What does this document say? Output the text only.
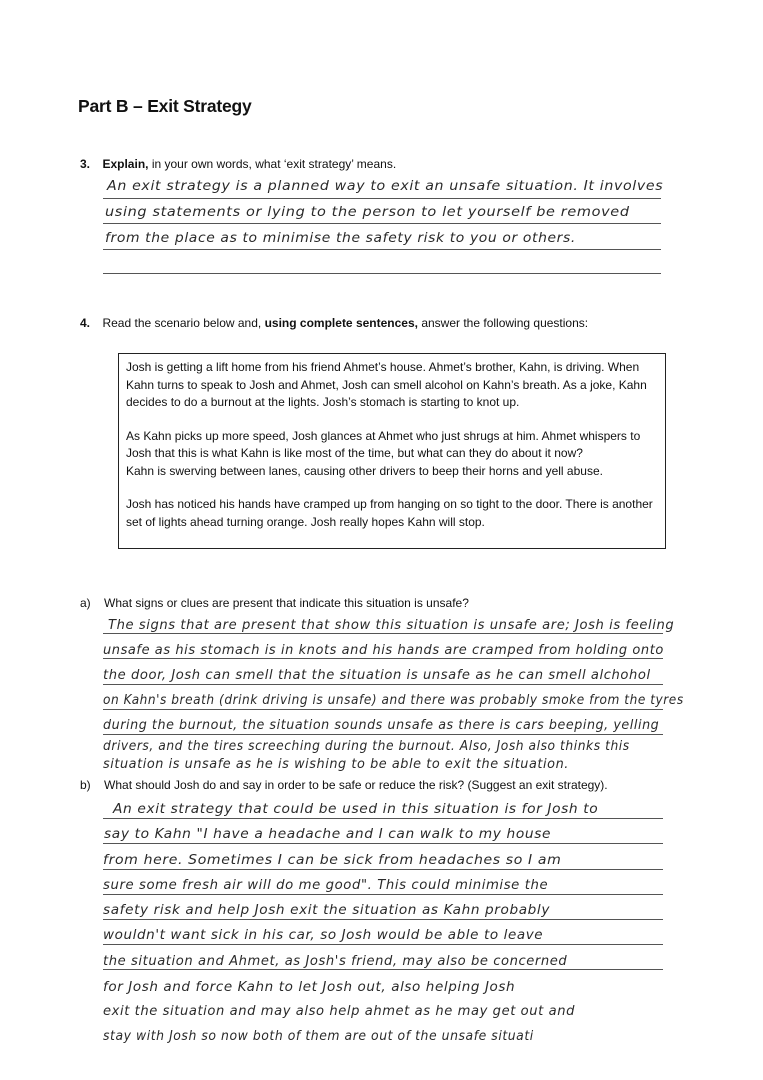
Part B – Exit Strategy
3. Explain, in your own words, what ‘exit strategy’ means.
An exit strategy is a planned way to exit an unsafe situation. It involves
using statements or lying to the person to let yourself be removed
from the place as to minimise the safety risk to you or others.
4. Read the scenario below and, using complete sentences, answer the following questions:

Josh is getting a lift home from his friend Ahmet’s house. Ahmet’s brother, Kahn, is driving. When Kahn turns to speak to Josh and Ahmet, Josh can smell alcohol on Kahn’s breath. As a joke, Kahn decides to do a burnout at the lights. Josh’s stomach is starting to knot up.

As Kahn picks up more speed, Josh glances at Ahmet who just shrugs at him. Ahmet whispers to Josh that this is what Kahn is like most of the time, but what can they do about it now?

Kahn is swerving between lanes, causing other drivers to beep their horns and yell abuse.

Josh has noticed his hands have cramped up from hanging on so tight to the door. There is another set of lights ahead turning orange. Josh really hopes Kahn will stop.

a) What signs or clues are present that indicate this situation is unsafe?
The signs that are present that show this situation is unsafe are; Josh is feeling
unsafe as his stomach is in knots and his hands are cramped from holding onto
the door, Josh can smell that the situation is unsafe as he can smell alchohol
on Kahn's breath (drink driving is unsafe) and there was probably smoke from the tyres
during the burnout, the situation sounds unsafe as there is cars beeping, yelling
drivers, and the tires screeching during the burnout. Also, Josh also thinks this
situation is unsafe as he is wishing to be able to exit the situation.
b) What should Josh do and say in order to be safe or reduce the risk? (Suggest an exit strategy).
An exit strategy that could be used in this situation is for Josh to
say to Kahn "I have a headache and I can walk to my house
from here. Sometimes I can be sick from headaches so I am
sure some fresh air will do me good". This could minimise the
safety risk and help Josh exit the situation as Kahn probably
wouldn't want sick in his car, so Josh would be able to leave
the situation and Ahmet, as Josh's friend, may also be concerned
for Josh and force Kahn to let Josh out, also helping Josh
exit the situation and may also help ahmet as he may get out and
stay with Josh so now both of them are out of the unsafe situati
